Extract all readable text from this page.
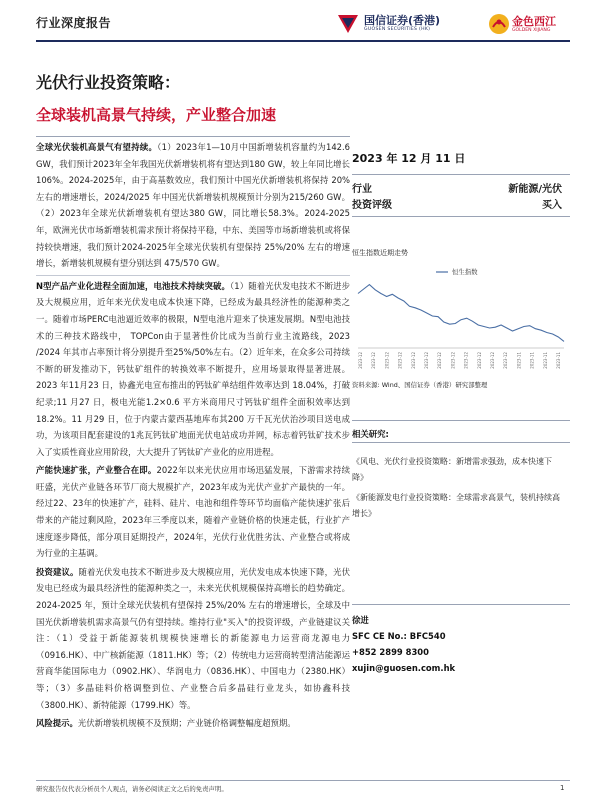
行业深度报告	国信证券(香港)
GUOSEN SECURITIES (HK)
金色西江
GOLDEN XIJIANG
光伏行业投资策略：
全球装机高景气持续，产业整合加速

全球光伏装机高景气有望持续。（1）2023年1—10月中国新增装机容量约为142.6 GW，我们预计2023年全年我国光伏新增装机将有望达到180 GW，较上年同比增长 106%。2024-2025年，由于高基数效应，我们预计中国光伏新增装机将保持 20%左右的增速增长，2024/2025 年中国光伏新增装机规模预计分别为215/260 GW。（2）2023年全球光伏新增装机有望达380 GW，同比增长58.3%。2024-2025年，欧洲光伏市场新增装机需求预计将保持平稳，中东、美国等市场新增装机或将保持较快增速，我们预计2024-2025年全球光伏装机有望保持 25%/20% 左右的增速增长，新增装机规模有望分别达到 475/570 GW。

N型产品产业化进程全面加速，电池技术持续突破。（1）随着光伏发电技术不断进步及大规模应用，近年来光伏发电成本快速下降，已经成为最具经济性的能源种类之一。随着市场PERC电池逼近效率的极限，N型电池片迎来了快速发展期。N型电池技术的三种技术路线中， TOPCon由于显著性价比成为当前行业主流路线，2023 /2024 年其市占率预计将分别提升至25%/50%左右。（2）近年来，在众多公司持续不断的研发推动下，钙钛矿组件的转换效率不断提升，应用场景取得显著进展。2023 年11月23 日，协鑫光电宣布推出的钙钛矿单结组件效率达到 18.04%，打破纪录;11 月27 日，极电光能1.2×0.6 平方米商用尺寸钙钛矿组件全面积效率达到 18.2%。11 月29 日，位于内蒙古蒙西基地库布其200 万千瓦光伏治沙项目送电成功，为该项目配套建设的1兆瓦钙钛矿地面光伏电站成功并网，标志着钙钛矿技术步入了实质性商业应用阶段，大大提升了钙钛矿产业化的应用进程。

产能快速扩张，产业整合在即。2022年以来光伏应用市场迅猛发展，下游需求持续旺盛，光伏产业链各环节厂商大规模扩产，2023年成为光伏产业扩产最快的一年。经过22、23年的快速扩产，硅料、硅片、电池和组件等环节均面临产能快速扩张后带来的产能过剩风险，2023年三季度以来，随着产业链价格的快速走低，行业扩产速度逐步降低，部分项目延期投产，2024年，光伏行业优胜劣汰、产业整合或将成为行业的主基调。

投资建议。随着光伏发电技术不断进步及大规模应用，光伏发电成本快速下降，光伏发电已经成为最具经济性的能源种类之一，未来光伏机规模保持高增长的趋势确定。2024-2025 年，预计全球光伏装机有望保持 25%/20% 左右的增速增长，全球及中国光伏新增装机需求高景气仍有望持续。维持行业"买入"的投资评级，产业链建议关注：（1）受益于新能源装机规模快速增长的新能源电力运营商龙源电力（0916.HK）、中广核新能源（1811.HK）等；（2）传统电力运营商转型清洁能源运营商华能国际电力（0902.HK）、华润电力（0836.HK）、中国电力（2380.HK）等；（3）多晶硅料价格调整到位、产业整合后多晶硅行业龙头，如协鑫科技（3800.HK）、新特能源（1799.HK）等。

风险提示。光伏新增装机规模不及预期；产业链价格调整幅度超预期。

2023 年 12 月 11 日
行业	新能源/光伏
投资评级	买入
恒生指数近期走势
恒生指数
2023-12 2023-12 2023-12 2023-12 2023-12 2023-12 2023-12 2023-12 2023-12 2023-12 2023-12 2023-12 2023-11 2023-11 2023-11 2023-11
资料来源: Wind、国信证券（香港）研究部整理
相关研究:
《风电、光伏行业投资策略：新增需求强劲，成本快速下降》
《新能源发电行业投资策略：全球需求高景气，装机持续高增长》
徐进
SFC CE No.: BFC540
+852 2899 8300
xujin@guosen.com.hk
研究报告仅代表分析员个人观点，请务必阅读正文之后的免责声明。	1
